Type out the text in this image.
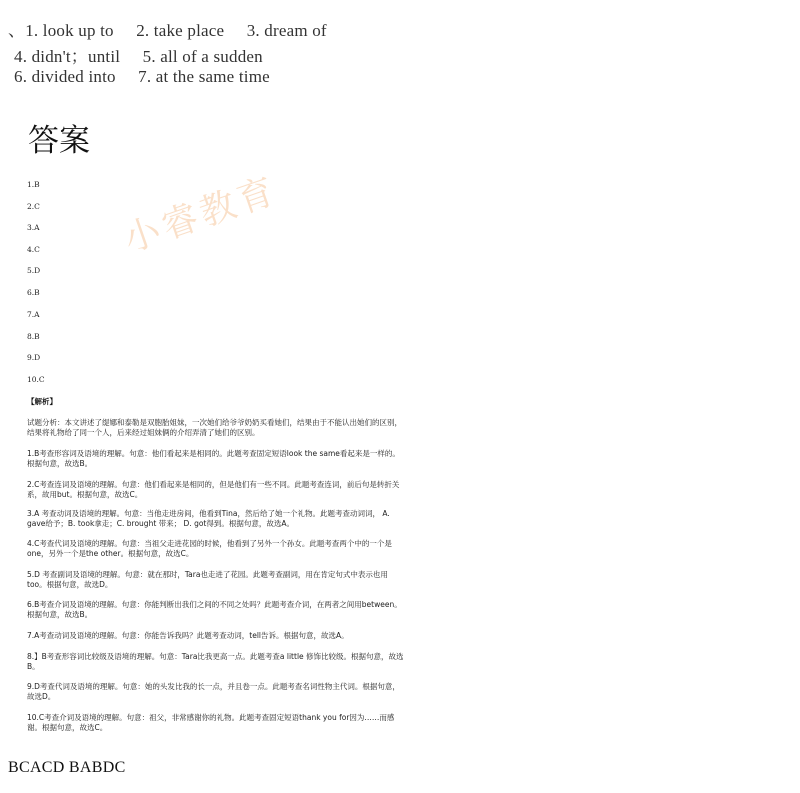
、1. look up to 2. take place 3. dream of
4. didn't；until 5. all of a sudden
6. divided into 7. at the same time
答案
小睿教育
1.B
2.C
3.A
4.C
5.D
6.B
7.A
8.B
9.D
10.C
【解析】
试题分析：本文讲述了缇娜和泰勒是双胞胎姐妹，一次她们给爷爷奶奶买看她们，结果由于不能认出她们的区别，结果将礼物给了同一个人，后来经过姐妹俩的介绍弄清了她们的区别。
1.B考查形容词及语境的理解。句意：他们看起来是相同的。此题考查固定短语look the same看起来是一样的。根据句意，故选B。
2.C考查连词及语境的理解。句意：他们看起来是相同的，但是他们有一些不同。此题考查连词，前后句是转折关系，故用but。根据句意，故选C。
3.A 考查动词及语境的理解。句意：当他走进房间，他看到Tina，然后给了她一个礼物。此题考查动词词， A. gave给予；B. took拿走；C. brought 带来； D. got得到。根据句意，故选A。
4.C考查代词及语境的理解。句意：当祖父走进花园的时候，他看到了另外一个孙女。此题考查两个中的一个是one，另外一个是the other。根据句意，故选C。
5.D 考查副词及语境的理解。句意：就在那时，Tara也走进了花园。此题考查副词，用在肯定句式中表示也用too。根据句意，故选D。
6.B考查介词及语境的理解。句意：你能判断出我们之间的不同之处吗？此题考查介词，在两者之间用between。根据句意，故选B。
7.A考查动词及语境的理解。句意：你能告诉我吗？此题考查动词，tell告诉。根据句意，故选A。
8.】B考查形容词比较级及语境的理解。句意：Tara比我更高一点。此题考查a little 修饰比较级。根据句意，故选B。
9.D考查代词及语境的理解。句意：她的头发比我的长一点，并且卷一点。此题考查名词性物主代词。根据句意，故选D。
10.C考查介词及语境的理解。句意：祖父，非常感谢你的礼物。此题考查固定短语thank you for因为……而感谢。根据句意，故选C。
BCACD BABDC
